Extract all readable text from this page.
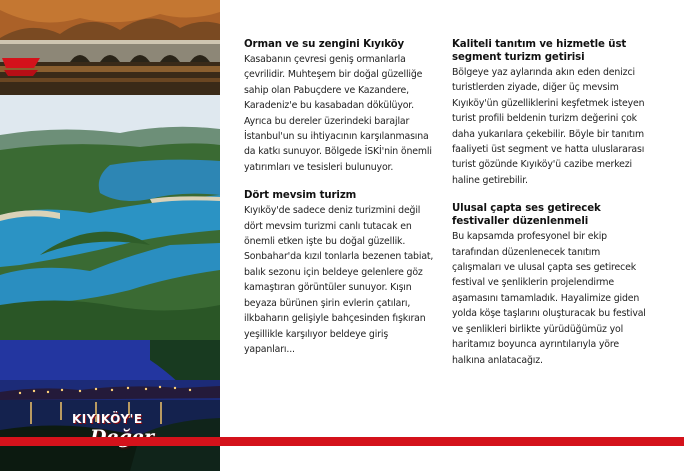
KIYIKÖY'E
Orman ve su zengini Kıyıköy

Kasabanın çevresi geniş ormanlarla çevrilidir. Muhteşem bir doğal güzelliğe sahip olan Pabuçdere ve Kazandere, Karadeniz'e bu kasabadan dökülüyor. Ayrıca bu dereler üzerindeki barajlar İstanbul'un su ihtiyacının karşılanmasına da katkı sunuyor. Bölgede İSKİ'nin önemli yatırımları ve tesisleri bulunuyor.

Dört mevsim turizm

Kıyıköy'de sadece deniz turizmini değil dört mevsim turizmi canlı tutacak en önemli etken işte bu doğal güzellik. Sonbahar'da kızıl tonlarla bezenen tabiat, balık sezonu için beldeye gelenlere göz kamaştıran görüntüler sunuyor. Kışın beyaza bürünen şirin evlerin çatıları, ilkbaharın gelişiyle bahçesinden fışkıran yeşillikle karşılıyor beldeye giriş yapanları...

Kaliteli tanıtım ve hizmetle üst segment turizm getirisi

Bölgeye yaz aylarında akın eden denizci turistlerden ziyade, diğer üç mevsim Kıyıköy'ün güzelliklerini keşfetmek isteyen turist profili beldenin turizm değerini çok daha yukarılara çekebilir. Böyle bir tanıtım faaliyeti üst segment ve hatta uluslararası turist gözünde Kıyıköy'ü cazibe merkezi haline getirebilir.

Ulusal çapta ses getirecek festivaller düzenlenmeli

Bu kapsamda profesyonel bir ekip tarafından düzenlenecek tanıtım çalışmaları ve ulusal çapta ses getirecek festival ve şenliklerin projelendirme aşamasını tamamladık. Hayalimize giden yolda köşe taşlarını oluşturacak bu festival ve şenlikleri birlikte yürüdüğümüz yol haritamız boyunca ayrıntılarıyla yöre halkına anlatacağız.
